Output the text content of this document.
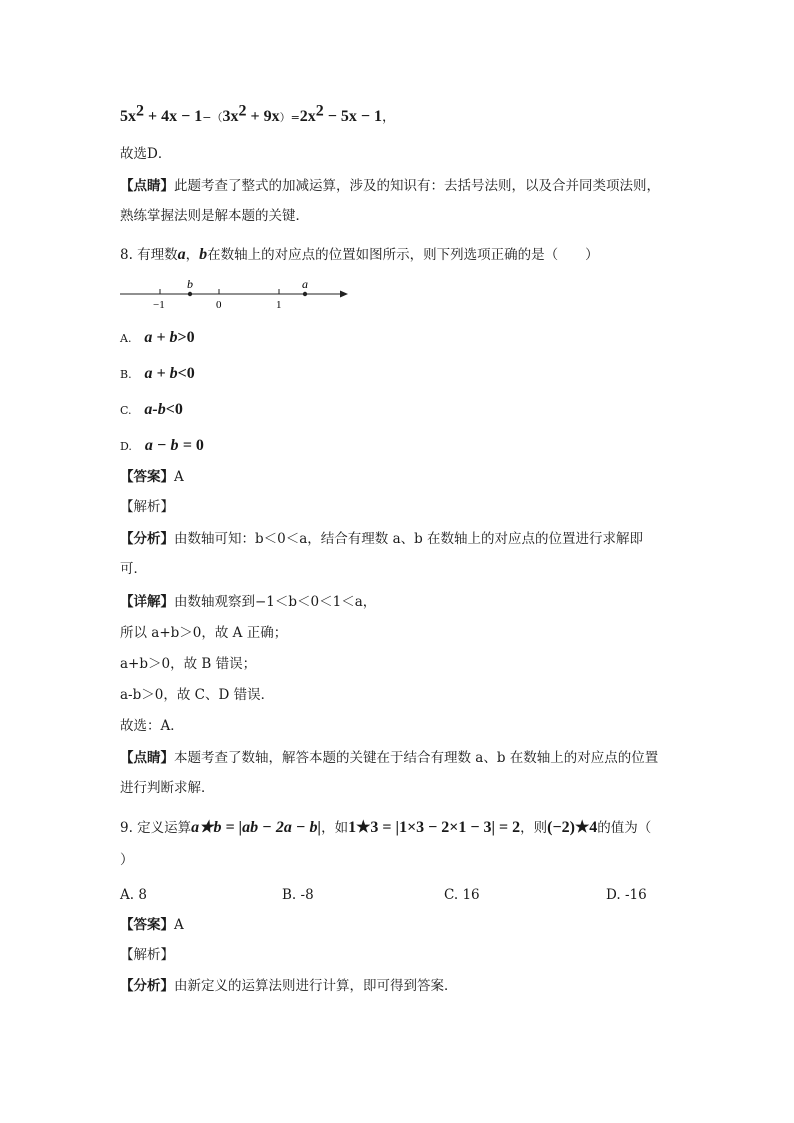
$5x^2 + 4x - 1-(3x^2 + 9x)=2x^2 - 5x - 1$，
故选D．
【点睛】此题考查了整式的加减运算，涉及的知识有：去括号法则，以及合并同类项法则，
熟练掌握法则是解本题的关键．
8. 有理数a，b在数轴上的对应点的位置如图所示，则下列选项正确的是（　　）
−1	0	1
b	a
A. a + b>0
B. a + b<0
C. a-b<0
D. a − b = 0
【答案】A
【解析】
【分析】由数轴可知：b＜0＜a，结合有理数 a、b 在数轴上的对应点的位置进行求解即
可．
【详解】由数轴观察到−1＜b＜0＜1＜a，
所以 a+b＞0，故 A 正确；
a+b＞0，故 B 错误；
a-b＞0，故 C、D 错误．
故选：A．
【点睛】本题考查了数轴，解答本题的关键在于结合有理数 a、b 在数轴上的对应点的位置
进行判断求解．
9. 定义运算a★b = |ab − 2a − b|，如1★3 = |1×3 − 2×1 − 3| = 2，则(−2)★4的值为（
）
A. 8	B. -8	C. 16	D. -16
【答案】A
【解析】
【分析】由新定义的运算法则进行计算，即可得到答案．
